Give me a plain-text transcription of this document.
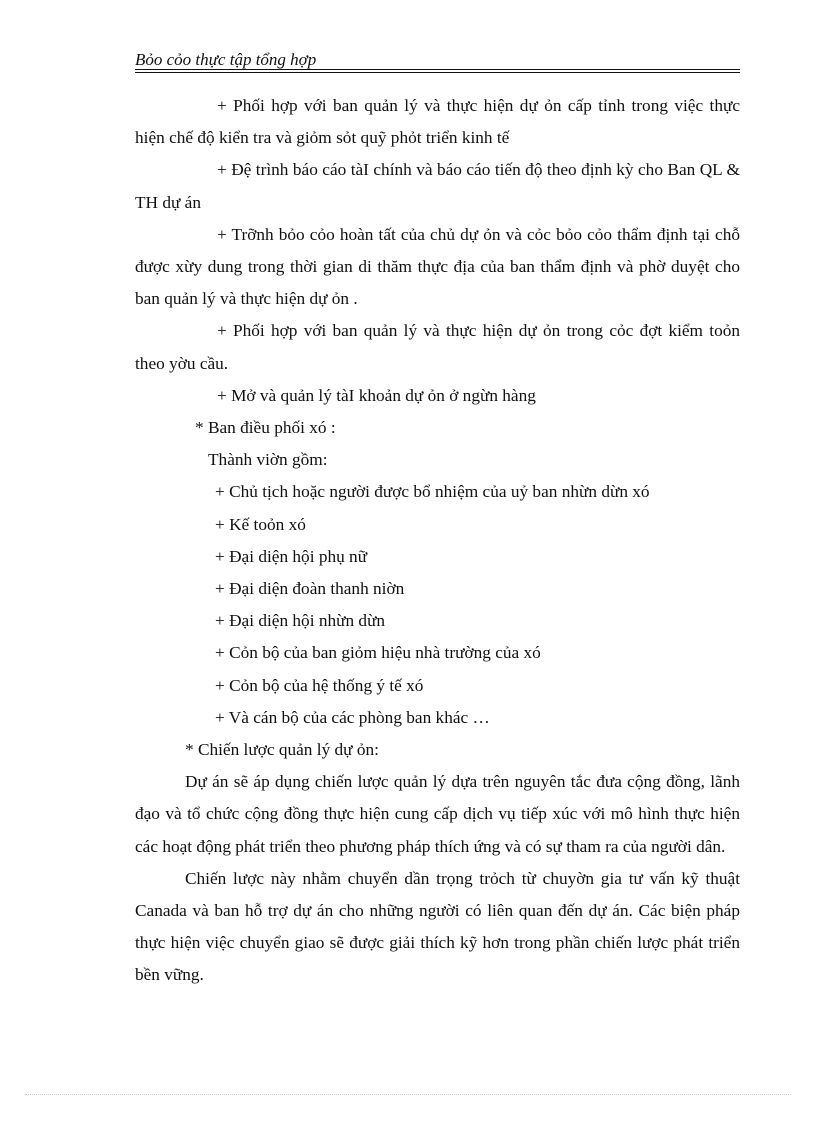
Bỏo cỏo thực tập tổng hợp

+ Phối hợp với ban quản lý và thực hiện dự ỏn cấp tỉnh trong việc thực hiện chế độ kiển tra và giỏm sỏt quỹ phỏt triển kinh tế

+ Đệ trình báo cáo tàI chính và báo cáo tiến độ theo định kỳ cho Ban QL & TH dự án

+ Trỡnh bỏo cỏo hoàn tất của chủ dự ỏn và cỏc bỏo cỏo thẩm định tại chỗ được xừy dung trong thời gian di thăm thực địa của ban thẩm định và phờ duyệt cho ban quản lý và thực hiện dự ỏn .

+ Phối hợp với ban quản lý và thực hiện dự ỏn trong cỏc đợt kiểm toỏn theo yờu cầu.

+ Mở và quản lý tàI khoản dự ỏn ở ngừn hàng

* Ban điều phối xó :

Thành viờn gồm:

+ Chủ tịch hoặc người được bổ nhiệm của uỷ ban nhừn dừn xó

+ Kế toỏn xó

+ Đại diện hội phụ nữ

+ Đại diện đoàn thanh niờn

+ Đại diện hội nhừn dừn

+ Cỏn bộ của ban giỏm hiệu nhà trường của xó

+ Cỏn bộ của hệ thống ý tế xó

+ Và cán bộ của các phòng ban khác …

* Chiến lược quản lý dự ỏn:

Dự án sẽ áp dụng chiến lược quản lý dựa trên nguyên tắc đưa cộng đồng, lãnh đạo và tổ chức cộng đồng thực hiện cung cấp dịch vụ tiếp xúc với mô hình thực hiện các hoạt động phát triển theo phương pháp thích ứng và có sự tham ra của người dân.

Chiến lược này nhằm chuyển dần trọng trỏch từ chuyờn gia tư vấn kỹ thuật Canada và ban hỗ trợ dự án cho những người có liên quan đến dự án. Các biện pháp thực hiện việc chuyển giao sẽ được giải thích kỹ hơn trong phần chiến lược phát triển bền vững.
